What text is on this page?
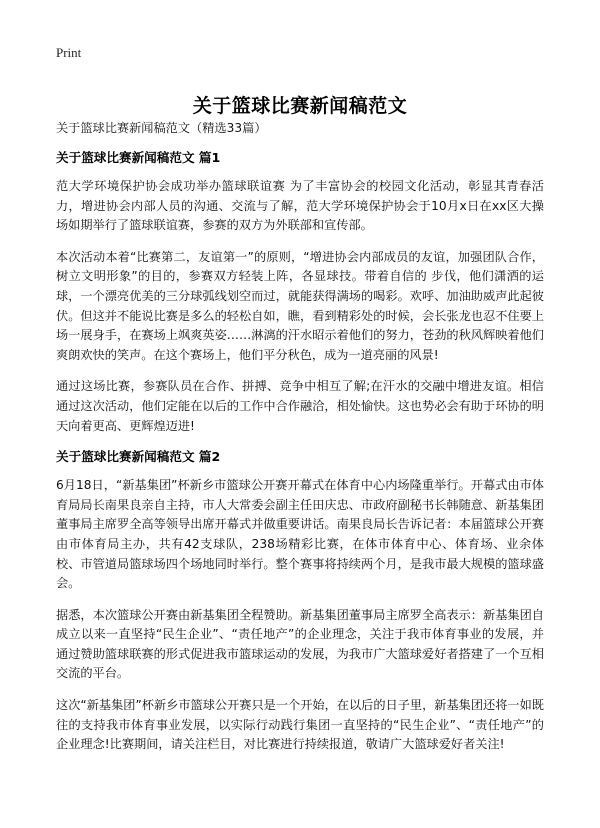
Print
关于篮球比赛新闻稿范文
关于篮球比赛新闻稿范文（精选33篇）
关于篮球比赛新闻稿范文 篇1

范大学环境保护协会成功举办篮球联谊赛 为了丰富协会的校园文化活动，彰显其青春活力，增进协会内部人员的沟通、交流与了解，范大学环境保护协会于10月x日在xx区大操场如期举行了篮球联谊赛，参赛的双方为外联部和宣传部。

本次活动本着“比赛第二，友谊第一”的原则，“增进协会内部成员的友谊，加强团队合作，树立文明形象”的目的，参赛双方轻装上阵，各显球技。带着自信的 步伐，他们潇洒的运球，一个漂亮优美的三分球弧线划空而过，就能获得满场的喝彩。欢呼、加油助威声此起彼伏。但这并不能说比赛是多么的轻松自如，瞧，看到精彩处的时候，会长张龙也忍不住要上场一展身手，在赛场上飒爽英姿……淋漓的汗水昭示着他们的努力，苍劲的秋风辉映着他们爽朗欢快的笑声。在这个赛场上，他们平分秋色，成为一道亮丽的风景!

通过这场比赛，参赛队员在合作、拼搏、竞争中相互了解;在汗水的交融中增进友谊。相信通过这次活动，他们定能在以后的工作中合作融洽，相处愉快。这也势必会有助于环协的明天向着更高、更辉煌迈进!

关于篮球比赛新闻稿范文 篇2

6月18日，“新基集团”杯新乡市篮球公开赛开幕式在体育中心内场隆重举行。开幕式由市体育局局长南果良亲自主持，市人大常委会副主任田庆忠、市政府副秘书长韩随意、新基集团董事局主席罗全高等领导出席开幕式并做重要讲话。南果良局长告诉记者：本届篮球公开赛由市体育局主办，共有42支球队，238场精彩比赛，在体市体育中心、体育场、业余体校、市管道局篮球场四个场地同时举行。整个赛事将持续两个月，是我市最大规模的篮球盛会。

据悉，本次篮球公开赛由新基集团全程赞助。新基集团董事局主席罗全高表示：新基集团自成立以来一直坚持“民生企业”、“责任地产”的企业理念，关注于我市体育事业的发展，并通过赞助篮球联赛的形式促进我市篮球运动的发展，为我市广大篮球爱好者搭建了一个互相交流的平台。

这次“新基集团”杯新乡市篮球公开赛只是一个开始，在以后的日子里，新基集团还将一如既往的支持我市体育事业发展，以实际行动践行集团一直坚持的“民生企业”、“责任地产”的企业理念!比赛期间，请关注栏目，对比赛进行持续报道，敬请广大篮球爱好者关注!
